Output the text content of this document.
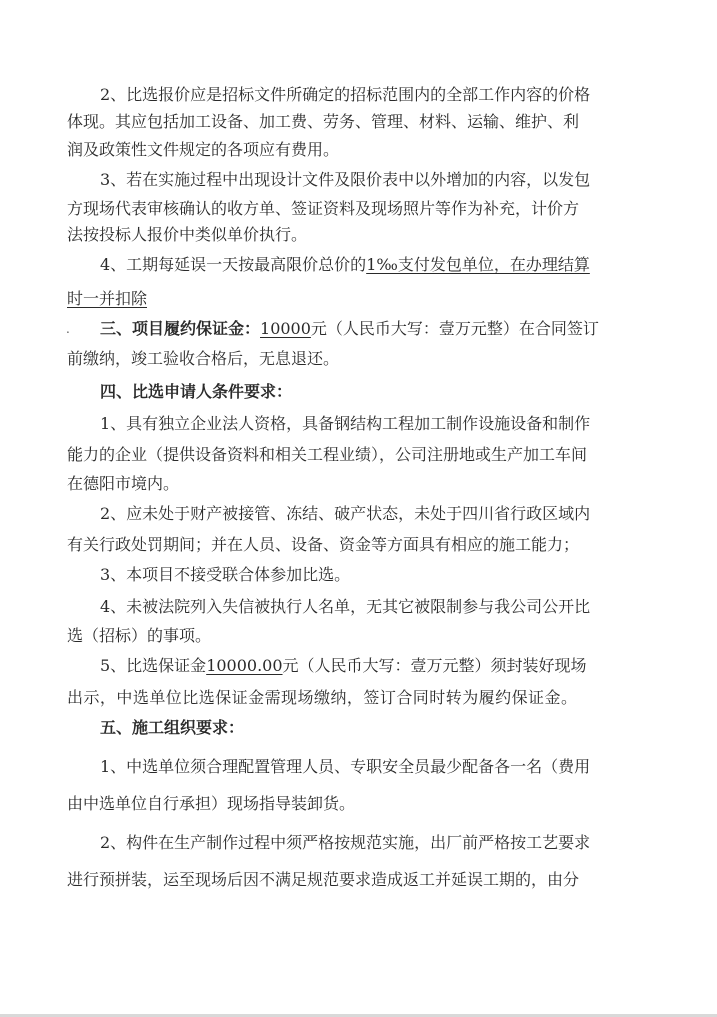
2、比选报价应是招标文件所确定的招标范围内的全部工作内容的价格
体现。其应包括加工设备、加工费、劳务、管理、材料、运输、维护、利
润及政策性文件规定的各项应有费用。
3、若在实施过程中出现设计文件及限价表中以外增加的内容，以发包
方现场代表审核确认的收方单、签证资料及现场照片等作为补充，计价方
法按投标人报价中类似单价执行。
4、工期每延误一天按最高限价总价的1‰支付发包单位，在办理结算
时一并扣除
三、项目履约保证金：10000元（人民币大写：壹万元整）在合同签订
前缴纳，竣工验收合格后，无息退还。
四、比选申请人条件要求：
1、具有独立企业法人资格，具备钢结构工程加工制作设施设备和制作
能力的企业（提供设备资料和相关工程业绩），公司注册地或生产加工车间
在德阳市境内。
2、应未处于财产被接管、冻结、破产状态，未处于四川省行政区域内
有关行政处罚期间；并在人员、设备、资金等方面具有相应的施工能力；
3、本项目不接受联合体参加比选。
4、未被法院列入失信被执行人名单，无其它被限制参与我公司公开比
选（招标）的事项。
5、比选保证金10000.00元（人民币大写：壹万元整）须封装好现场
出示，中选单位比选保证金需现场缴纳，签订合同时转为履约保证金。
五、施工组织要求：
1、中选单位须合理配置管理人员、专职安全员最少配备各一名（费用
由中选单位自行承担）现场指导装卸货。
2、构件在生产制作过程中须严格按规范实施，出厂前严格按工艺要求
进行预拼装，运至现场后因不满足规范要求造成返工并延误工期的，由分
.
